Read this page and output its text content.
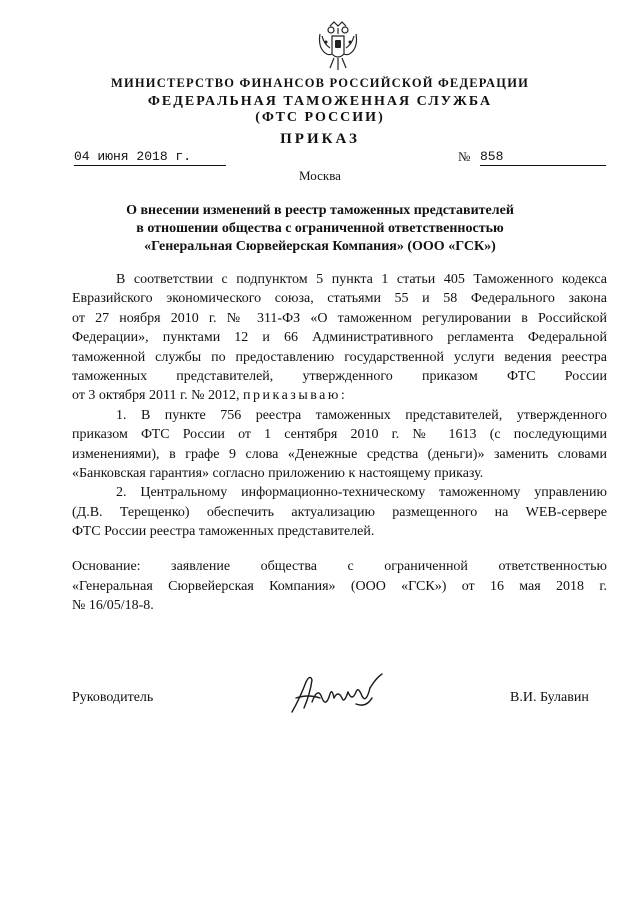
МИНИСТЕРСТВО ФИНАНСОВ РОССИЙСКОЙ ФЕДЕРАЦИИ
ФЕДЕРАЛЬНАЯ ТАМОЖЕННАЯ СЛУЖБА
(ФТС РОССИИ)
ПРИКАЗ
04 июня 2018 г.	№ 858
Москва
О внесении изменений в реестр таможенных представителей
в отношении общества с ограниченной ответственностью
«Генеральная Сюрвейерская Компания» (ООО «ГСК»)
В соответствии с подпунктом 5 пункта 1 статьи 405 Таможенного кодекса
Евразийского экономического союза, статьями 55 и 58 Федерального закона
от 27 ноября 2010 г. № 311-ФЗ «О таможенном регулировании в Российской
Федерации», пунктами 12 и 66 Административного регламента Федеральной
таможенной службы по предоставлению государственной услуги ведения реестра
таможенных представителей, утвержденного приказом ФТС России
от 3 октября 2011 г. № 2012, приказываю:
1. В пункте 756 реестра таможенных представителей, утвержденного
приказом ФТС России от 1 сентября 2010 г. № 1613 (с последующими
изменениями), в графе 9 слова «Денежные средства (деньги)» заменить словами
«Банковская гарантия» согласно приложению к настоящему приказу.
2. Центральному информационно-техническому таможенному управлению
(Д.В. Терещенко) обеспечить актуализацию размещенного на WEB-сервере
ФТС России реестра таможенных представителей.
Основание: заявление общества с ограниченной ответственностью
«Генеральная Сюрвейерская Компания» (ООО «ГСК») от 16 мая 2018 г.
№ 16/05/18-8.
Руководитель	В.И. Булавин
